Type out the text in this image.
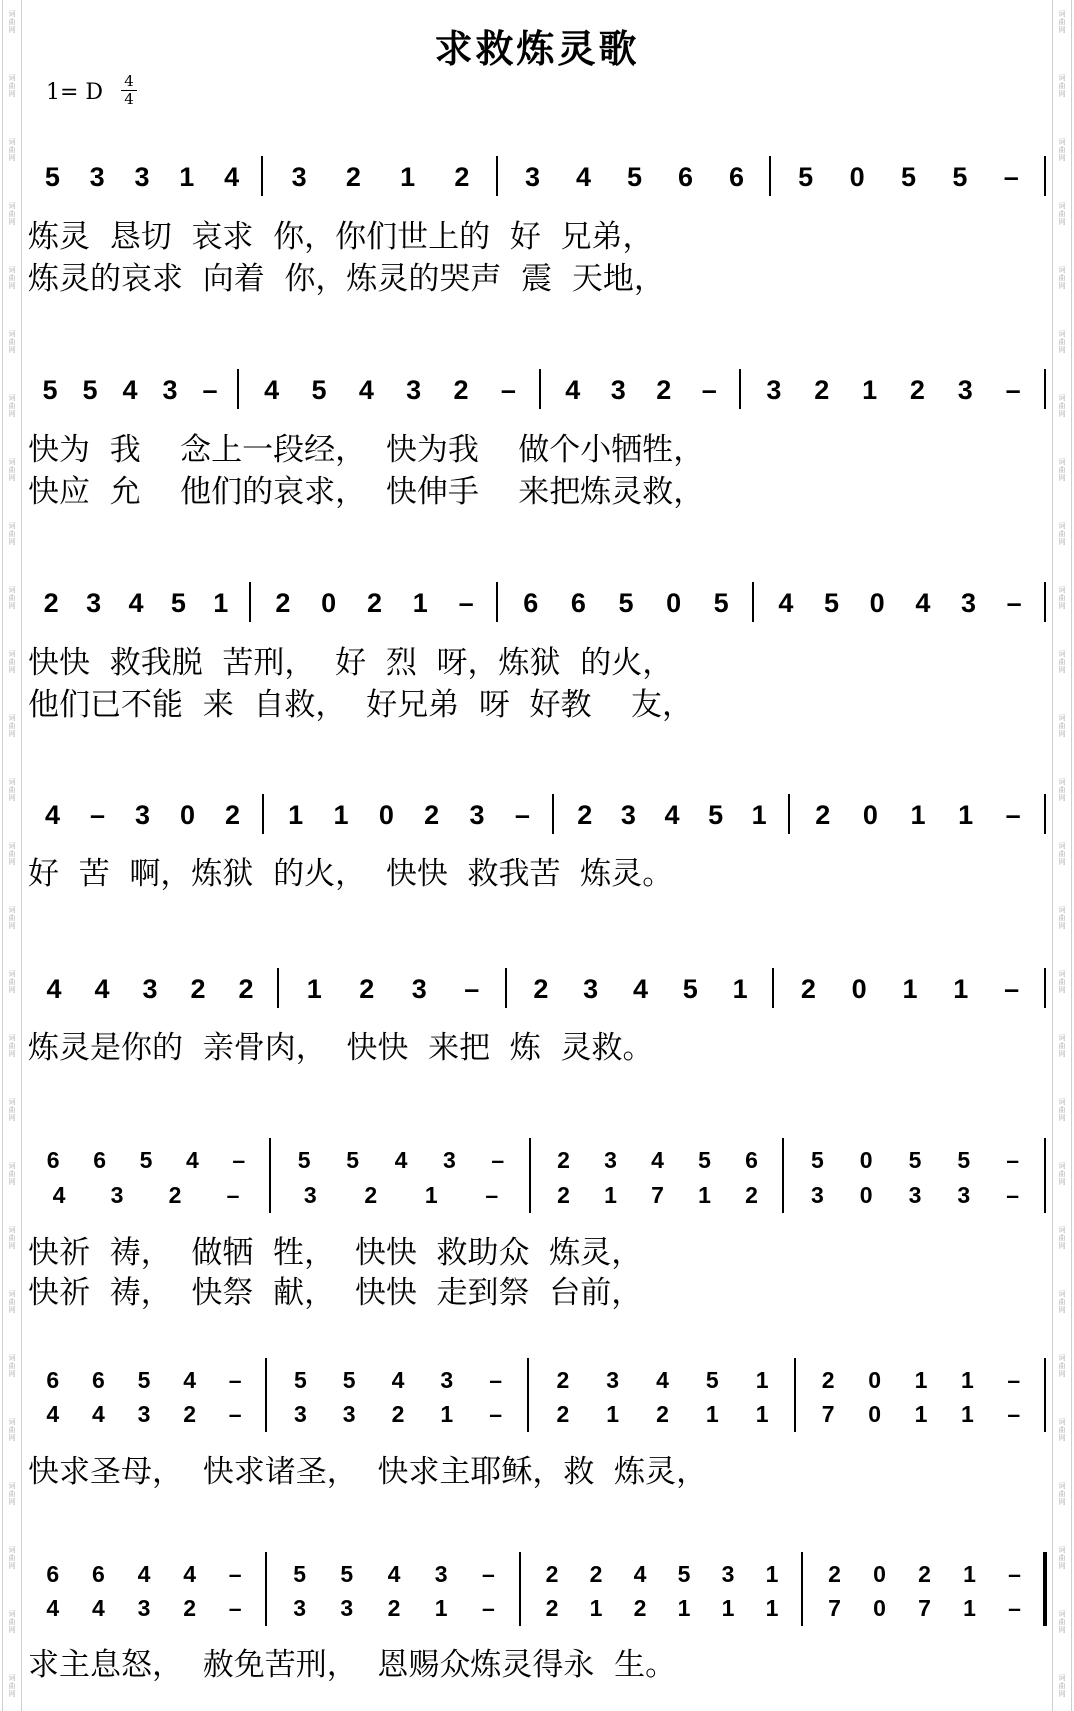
词
曲
网
词
曲
网
词
曲
网
词
曲
网
词
曲
网
词
曲
网
词
曲
网
词
曲
网
词
曲
网
词
曲
网
词
曲
网
词
曲
网
词
曲
网
词
曲
网
词
曲
网
词
曲
网
词
曲
网
词
曲
网
词
曲
网
词
曲
网
词
曲
网
词
曲
网
词
曲
网
词
曲
网
词
曲
网
词
曲
网
词
曲
网
词
曲
网
词
曲
网
词
曲
网
词
曲
网
词
曲
网
词
曲
网
词
曲
网
词
曲
网
词
曲
网
词
曲
网
词
曲
网
词
曲
网
词
曲
网
词
曲
网
词
曲
网
词
曲
网
词
曲
网
词
曲
网
词
曲
网
词
曲
网
词
曲
网
词
曲
网
词
曲
网
词
曲
网
词
曲
网
词
曲
网
词
曲
网
求救炼灵歌
1= D 4
4
5 3 3 1 4 3 2 1 2 3 4 5 6 6 5 0 5 5 –
5 5 4 3 – 4 5 4 3 2 – 4 3 2 – 3 2 1 2 3 –
2 3 4 5 1 2 0 2 1 – 6 6 5 0 5 4 5 0 4 3 –
4 – 3 0 2 1 1 0 2 3 – 2 3 4 5 1 2 0 1 1 –
4 4 3 2 2 1 2 3 – 2 3 4 5 1 2 0 1 1 –
6 6 5 4 – 5 5 4 3 – 2 3 4 5 6 5 0 5 5 –
4 3 2 –	3 2 1 –	2 1 7 1 2 3 0 3 3 –
6 6 5 4 – 5 5 4 3 – 2 3 4 5 1 2 0 1 1 –
4 4 3 2 – 3 3 2 1 – 2 1 2 1 1 7 0 1 1 –
6 6 4 4 – 5 5 4 3 – 2 2 4 5 3 1 2 0 2 1 –
4 4 3 2 – 3 3 2 1 – 2 1 2 1 1 1 7 0 7 1 –
炼灵  恳切  哀求  你，你们世上的  好  兄弟，
炼灵的哀求  向着  你，炼灵的哭声  震  天地，
快为  我    念上一段经，  快为我    做个小牺牲，
快应  允    他们的哀求，  快伸手    来把炼灵救，
快快  救我脱  苦刑，  好  烈  呀，炼狱  的火，
他们已不能  来  自救，  好兄弟  呀  好教    友，
好  苦  啊，炼狱  的火，  快快  救我苦  炼灵。
炼灵是你的  亲骨肉，  快快  来把  炼  灵救。
快祈  祷，  做牺  牲，  快快  救助众  炼灵，
快祈  祷，  快祭  献，  快快  走到祭  台前，
快求圣母，  快求诸圣，  快求主耶稣，救  炼灵，
求主息怒，  赦免苦刑，  恩赐众炼灵得永  生。
